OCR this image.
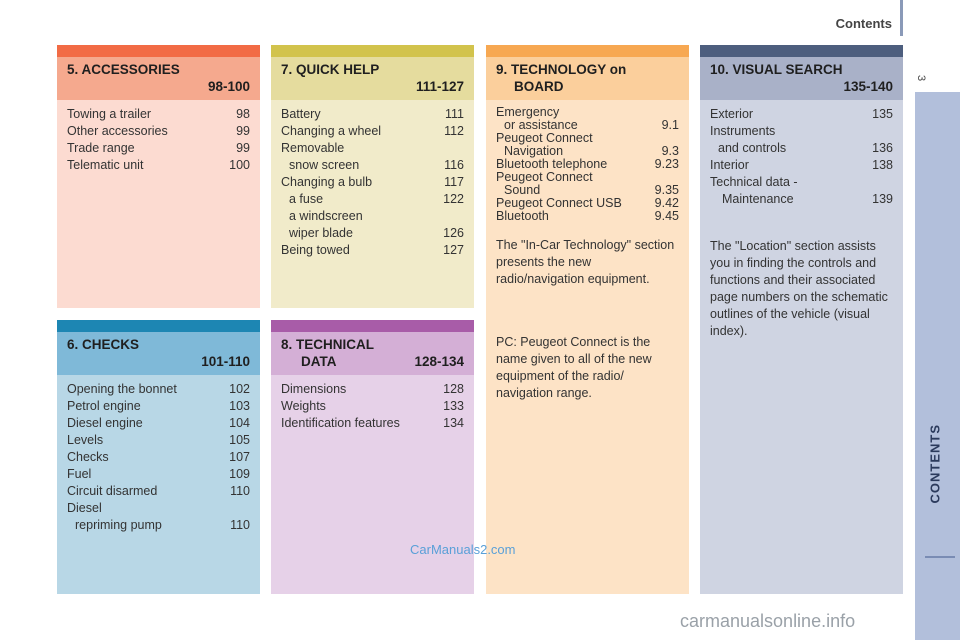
Contents
3
CONTENTS
5. ACCESSORIES
98-100
Towing a trailer	98
Other accessories	99
Trade range	99
Telematic unit	100
7. QUICK HELP
111-127
Battery	111
Changing a wheel	112
Removable
snow screen	116
Changing a bulb	117
a fuse	122
a windscreen
wiper blade	126
Being towed	127
9. TECHNOLOGY on
BOARD
Emergency
or assistance	9.1
Peugeot Connect
Navigation	9.3
Bluetooth telephone	9.23
Peugeot Connect
Sound	9.35
Peugeot Connect USB	9.42
Bluetooth	9.45
The "In-Car Technology" section presents the new radio/navigation equipment.
PC: Peugeot Connect is the name given to all of the new equipment of the radio/ navigation range.
10. VISUAL SEARCH
135-140
Exterior	135
Instruments
and controls	136
Interior	138
Technical data -
Maintenance	139
The "Location" section assists you in finding the controls and functions and their associated page numbers on the schematic outlines of the vehicle (visual index).
6. CHECKS
101-110
Opening the bonnet	102
Petrol engine	103
Diesel engine	104
Levels	105
Checks	107
Fuel	109
Circuit disarmed	110
Diesel
repriming pump	110
8. TECHNICAL
DATA	128-134
Dimensions	128
Weights	133
Identification features	134
CarManuals2.com
carmanualsonline.info
